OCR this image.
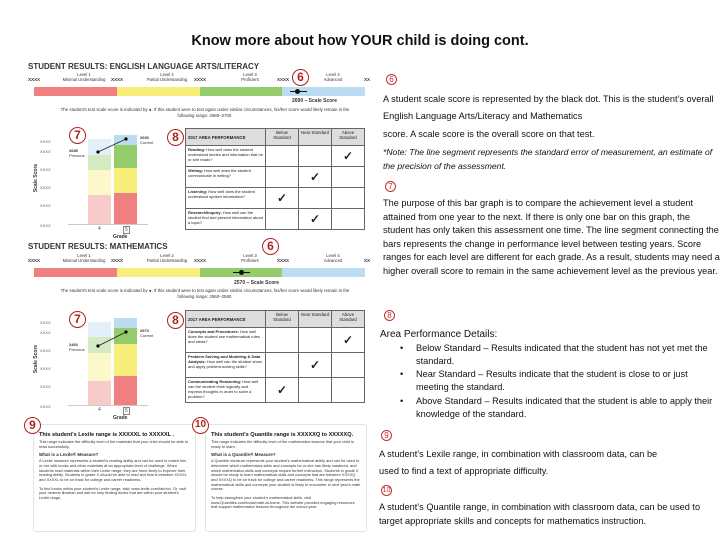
Know more about how YOUR child is doing cont.
STUDENT RESULTS: ENGLISH LANGUAGE ARTS/LITERACY
XXXX
Level 1
Minimal Understanding	XXXX
Level 2
Partial Understanding	XXXX
Level 3
Proficient	XXXX
Level 4
Advanced	XX
2690 – Scale Score
The student's test scale score is indicated by ●. If this student were to test again under similar circumstances, his/her score would likely remain in the following range: 2680–2700.
XXXX
XXXX
XXXX
XXXX
XXXX
XXXX
Scale Score
4	5
Grade
2685
Previous
2690
Current
2017 AREA PERFORMANCE	Below Standard	Near Standard	Above Standard
Reading: How well does the student understand stories and information that he or she reads?			✓
Writing: How well does the student communicate in writing?		✓	
Listening: How well does the student understand spoken information?	✓		
Research/Inquiry: How well can the student find and present information about a topic?		✓	
STUDENT RESULTS: MATHEMATICS
XXXX
Level 1
Minimal Understanding	XXXX
Level 2
Partial Understanding	XXXX
Level 3
Proficient	XXXX
Level 4
Advanced	XX
2570 – Scale Score
The student's test scale score is indicated by ●. If this student were to test again under similar circumstances, his/her score would likely remain in the following range: 2560–2580.
XXXX
XXXX
XXXX
XXXX
XXXX
XXXX
Scale Score
4	5
Grade
2460
Previous
2570
Current
2017 AREA PERFORMANCE	Below Standard	Near Standard	Above Standard
Concepts and Procedures: How well does the student use mathematical rules and ideas?			✓
Problem Solving and Modeling & Data Analysis: How well can the student show and apply problem-solving skills?		✓	
Communicating Reasoning: How well can the student think logically and express thoughts in order to solve a problem?	✓		
This student's Lexile range is XXXXXL to XXXXXL .

This range indicates the difficulty level of the materials that your child should be able to read successfully.

What is a Lexile® Measure?

A Lexile measure represents a student's reading ability and can be used to match him or her with books and other materials at an appropriate level of challenge. When students read materials within their Lexile range, they are more likely to improve their reading ability. Students in grade X should be able to read text that is between XXXXL and XXXXL to be on track for college and career readiness.

To find books within your student's Lexile range, visit: www.lexile.com/fab/nv/. Or, visit your nearest librarian and ask for help finding books that are within your student's Lexile range.

This student's Quantile range is XXXXXQ to XXXXXQ.

This range indicates the difficulty level of the mathematics lessons that your child is ready to learn.

What is a Quantile® Measure?

A Quantile measure represents your student's mathematical ability and can be used to determine which mathematics skills and concepts he or she has likely mastered, and which mathematics skills and concepts require further instruction. Students in grade X should be ready to learn mathematical skills and concepts that are between XXXXQ and XXXXQ to be on track for college and career readiness. This range represents the mathematical skills and concepts your student is likely to encounter in next year's math course.

To help strengthen your student's mathematical skills, visit www.Quantiles.com/tools/math-at-home. This website provides engaging resources that support mathematics lessons throughout the school year.

6
6
7
7
8
8
9	10
6

A student scale score is represented by the black dot. This is the student’s overall English Language Arts/Literacy and Mathematics

score. A scale score is the overall score on that test.

*Note: The line segment represents the standard error of measurement, an estimate of the precision of the assessment.

7
The purpose of this bar graph is to compare the achievement level a student attained from one year to the next. If there is only one bar on this graph, the student has only taken this assessment one time. The line segment connecting the bars represents the change in performance level between testing years. Score ranges for each level are different for each grade. As a result, students may need a higher overall score to remain in the same achievement level as the previous year.
8

Area Performance Details:

• Below Standard – Results indicated that the student has not yet met the standard.
• Near Standard – Results indicate that the student is close to or just meeting the standard.
• Above Standard – Results indicated that the student is able to apply their knowledge of the standard.
9

A student’s Lexile range, in combination with classroom data, can be

used to find a text of appropriate difficulty.

10
A student’s Quantile range, in combination with classroom data, can be used to target appropriate skills and concepts for mathematics instruction.
